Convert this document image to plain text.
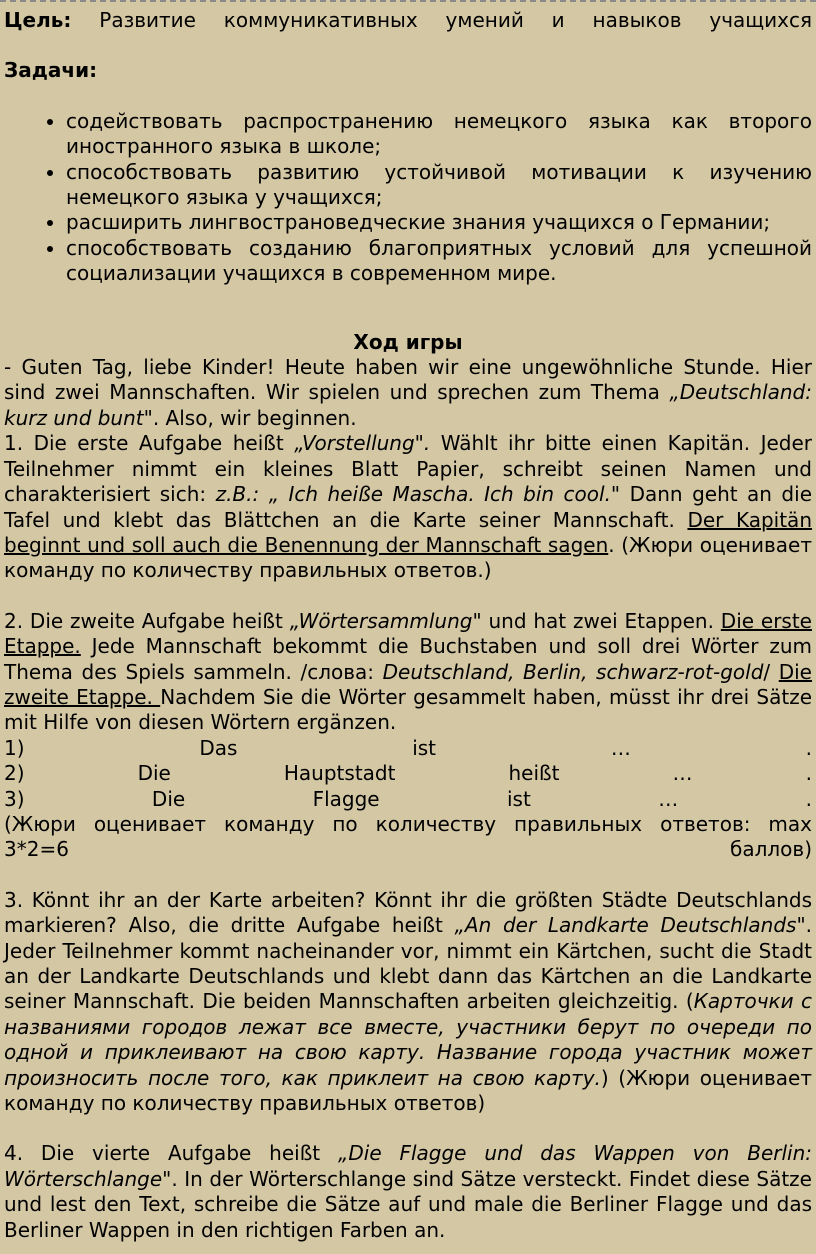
Цель: Развитие коммуникативных умений и навыков учащихся

Задачи:

• содействовать распространению немецкого языка как второго иностранного языка в школе;
• способствовать развитию устойчивой мотивации к изучению немецкого языка у учащихся;
• расширить лингвострановедческие знания учащихся о Германии;
• способствовать созданию благоприятных условий для успешной социализации учащихся в современном мире.

Ход игры

- Guten Tag, liebe Kinder! Heute haben wir eine ungewöhnliche Stunde. Hier sind zwei Mannschaften. Wir spielen und sprechen zum Thema „Deutschland: kurz und bunt". Also, wir beginnen.

1. Die erste Aufgabe heißt „Vorstellung". Wählt ihr bitte einen Kapitän. Jeder Teilnehmer nimmt ein kleines Blatt Papier, schreibt seinen Namen und charakterisiert sich: z.B.: „ Ich heiße Mascha. Ich bin cool." Dann geht an die Tafel und klebt das Blättchen an die Karte seiner Mannschaft. Der Kapitän beginnt und soll auch die Benennung der Mannschaft sagen. (Жюри оценивает команду по количеству правильных ответов.)

2. Die zweite Aufgabe heißt „Wörtersammlung" und hat zwei Etappen. Die erste Etappe. Jede Mannschaft bekommt die Buchstaben und soll drei Wörter zum Thema des Spiels sammeln. /слова: Deutschland, Berlin, schwarz-rot-gold/ Die zweite Etappe. Nachdem Sie die Wörter gesammelt haben, müsst ihr drei Sätze mit Hilfe von diesen Wörtern ergänzen.

1)	Das	ist	…	.
2)	Die	Hauptstadt	heißt	…	.
3)	Die	Flagge	ist	…	.

(Жюри оценивает команду по количеству правильных ответов: max

3*2=6	баллов)

3. Könnt ihr an der Karte arbeiten? Könnt ihr die größten Städte Deutschlands markieren? Also, die dritte Aufgabe heißt „An der Landkarte Deutschlands". Jeder Teilnehmer kommt nacheinander vor, nimmt ein Kärtchen, sucht die Stadt an der Landkarte Deutschlands und klebt dann das Kärtchen an die Landkarte seiner Mannschaft. Die beiden Mannschaften arbeiten gleichzeitig. (Карточки с названиями городов лежат все вместе, участники берут по очереди по одной и приклеивают на свою карту. Название города участник может произносить после того, как приклеит на свою карту.) (Жюри оценивает команду по количеству правильных ответов)

4. Die vierte Aufgabe heißt „Die Flagge und das Wappen von Berlin: Wörterschlange". In der Wörterschlange sind Sätze versteckt. Findet diese Sätze und lest den Text, schreibe die Sätze auf und male die Berliner Flagge und das Berliner Wappen in den richtigen Farben an.
